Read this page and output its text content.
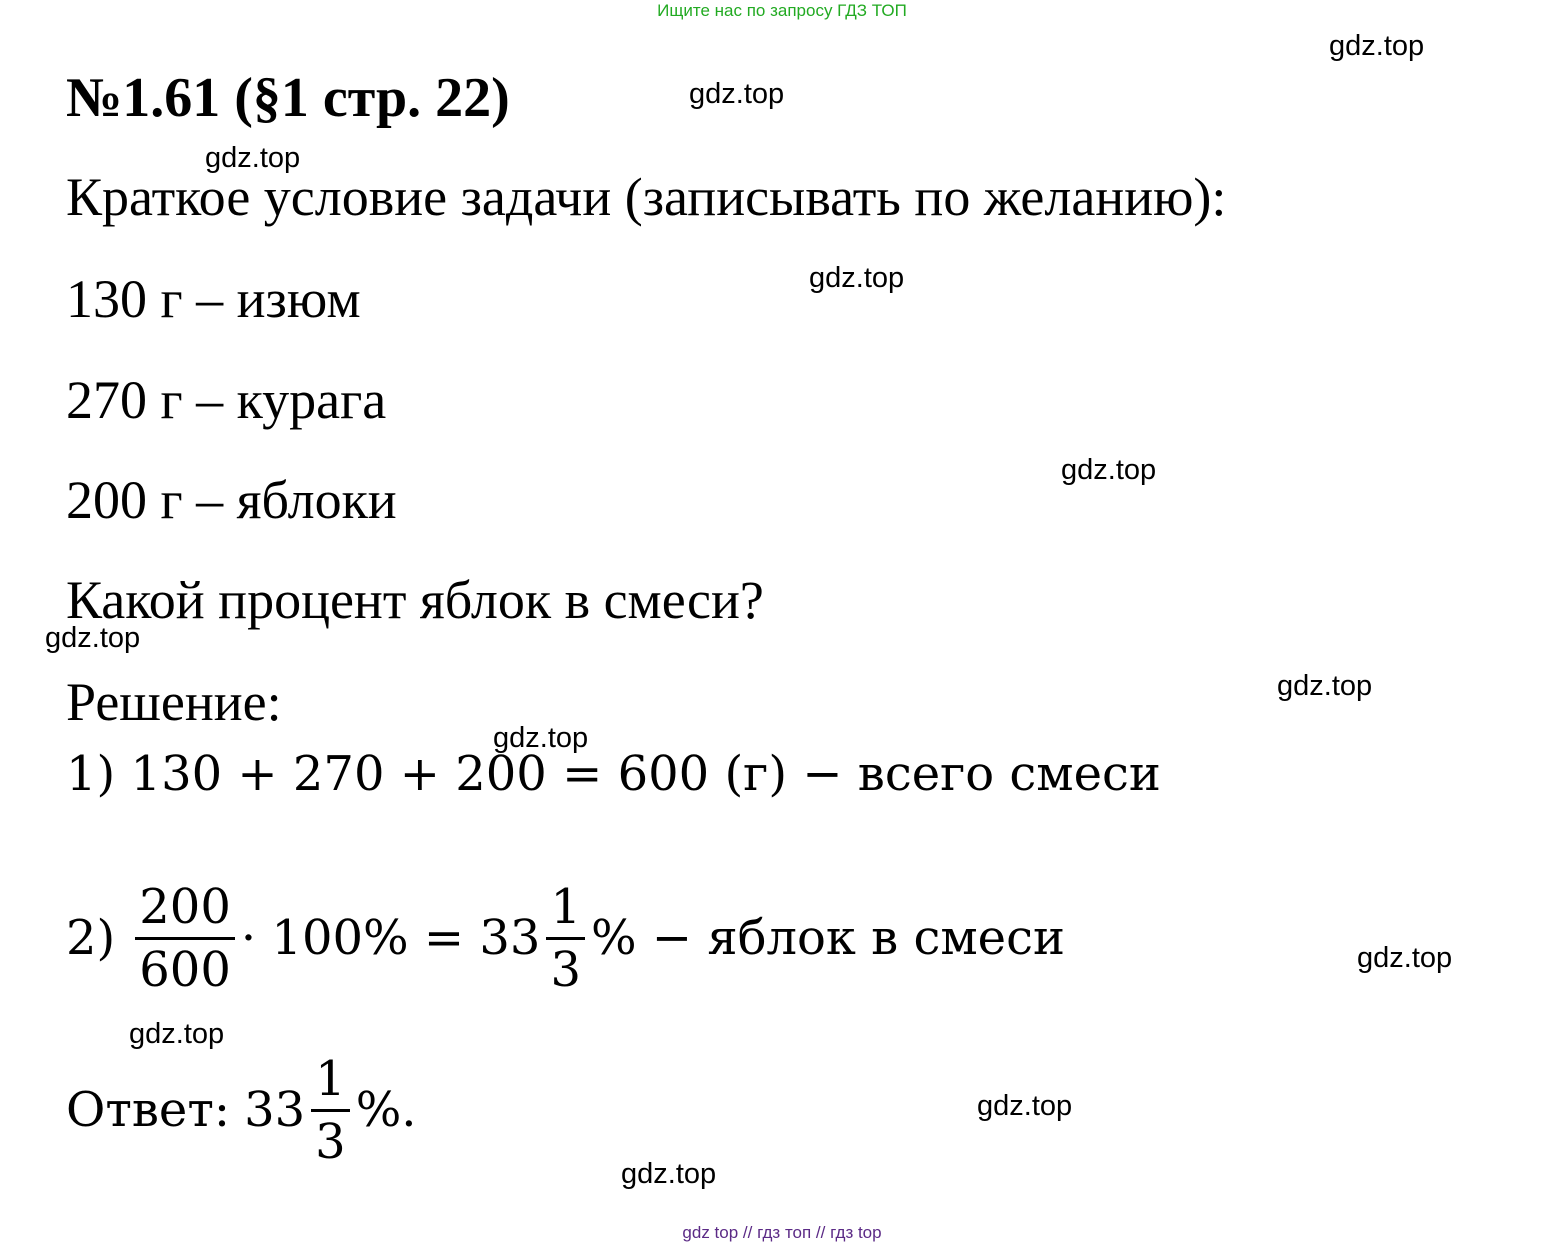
Ищите нас по запросу ГДЗ ТОП
№1.61 (§1 стр. 22)
Краткое условие задачи (записывать по желанию):
130 г – изюм
270 г – курага
200 г – яблоки
Какой процент яблок в смеси?
Решение:
1) 130 + 270 + 200 = 600 (г) − всего смеси
$2) \frac{200}{600} \cdot 100\% = 33 \frac{1}{3}$ % − яблок в смеси
Ответ: $33 \frac{1}{3}$ %.
gdz.top
gdz.top
gdz.top
gdz.top
gdz.top
gdz.top
gdz.top
gdz.top
gdz.top
gdz.top
gdz.top
gdz.top
gdz top // гдз топ // гдз top
